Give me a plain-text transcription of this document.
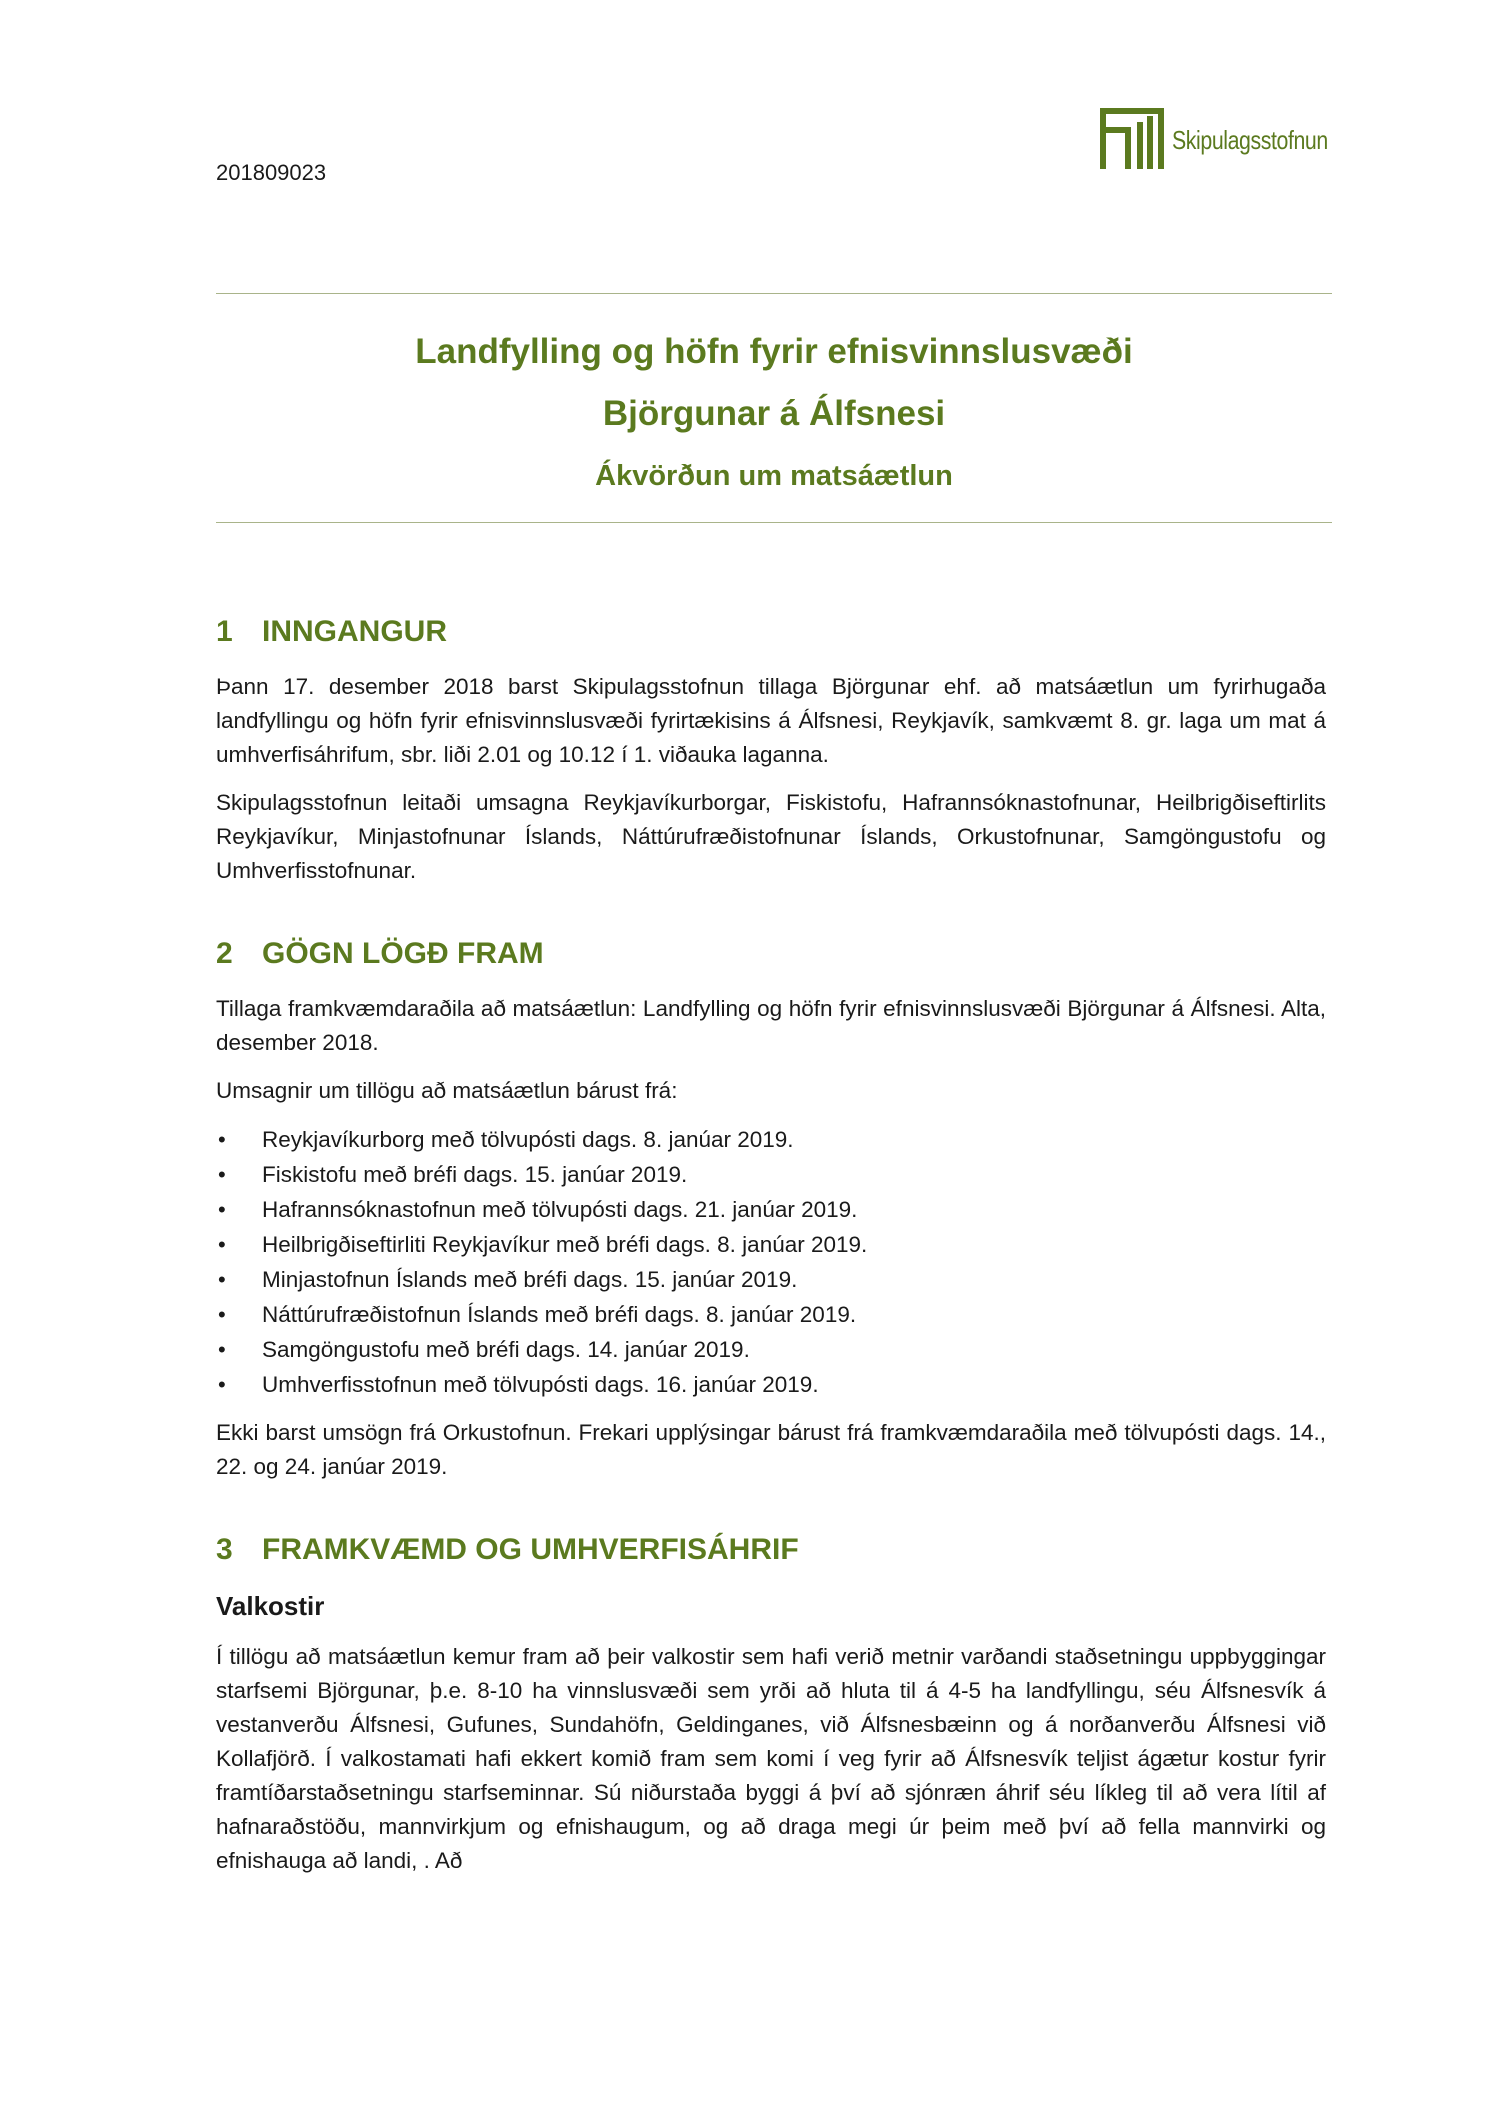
201809023
Skipulagsstofnun
Landfylling og höfn fyrir efnisvinnslusvæði
Björgunar á Álfsnesi
Ákvörðun um matsáætlun
1 INNGANGUR

Þann 17. desember 2018 barst Skipulagsstofnun tillaga Björgunar ehf. að matsáætlun um fyrirhugaða landfyllingu og höfn fyrir efnisvinnslusvæði fyrirtækisins á Álfsnesi, Reykjavík, samkvæmt 8. gr. laga um mat á umhverfisáhrifum, sbr. liði 2.01 og 10.12 í 1. viðauka laganna.

Skipulagsstofnun leitaði umsagna Reykjavíkurborgar, Fiskistofu, Hafrannsóknastofnunar, Heilbrigðiseftirlits Reykjavíkur, Minjastofnunar Íslands, Náttúrufræðistofnunar Íslands, Orkustofnunar, Samgöngustofu og Umhverfisstofnunar.

2 GÖGN LÖGÐ FRAM

Tillaga framkvæmdaraðila að matsáætlun: Landfylling og höfn fyrir efnisvinnslusvæði Björgunar á Álfsnesi. Alta, desember 2018.

Umsagnir um tillögu að matsáætlun bárust frá:

• Reykjavíkurborg með tölvupósti dags. 8. janúar 2019.
• Fiskistofu með bréfi dags. 15. janúar 2019.
• Hafrannsóknastofnun með tölvupósti dags. 21. janúar 2019.
• Heilbrigðiseftirliti Reykjavíkur með bréfi dags. 8. janúar 2019.
• Minjastofnun Íslands með bréfi dags. 15. janúar 2019.
• Náttúrufræðistofnun Íslands með bréfi dags. 8. janúar 2019.
• Samgöngustofu með bréfi dags. 14. janúar 2019.
• Umhverfisstofnun með tölvupósti dags. 16. janúar 2019.

Ekki barst umsögn frá Orkustofnun. Frekari upplýsingar bárust frá framkvæmdaraðila með tölvupósti dags. 14., 22. og 24. janúar 2019.

3 FRAMKVÆMD OG UMHVERFISÁHRIF
Valkostir

Í tillögu að matsáætlun kemur fram að þeir valkostir sem hafi verið metnir varðandi staðsetningu uppbyggingar starfsemi Björgunar, þ.e. 8-10 ha vinnslusvæði sem yrði að hluta til á 4-5 ha landfyllingu, séu Álfsnesvík á vestanverðu Álfsnesi, Gufunes, Sundahöfn, Geldinganes, við Álfsnesbæinn og á norðanverðu Álfsnesi við Kollafjörð. Í valkostamati hafi ekkert komið fram sem komi í veg fyrir að Álfsnesvík teljist ágætur kostur fyrir framtíðarstaðsetningu starfseminnar. Sú niðurstaða byggi á því að sjónræn áhrif séu líkleg til að vera lítil af hafnaraðstöðu, mannvirkjum og efnishaugum, og að draga megi úr þeim með því að fella mannvirki og efnishauga að landi, . Að
